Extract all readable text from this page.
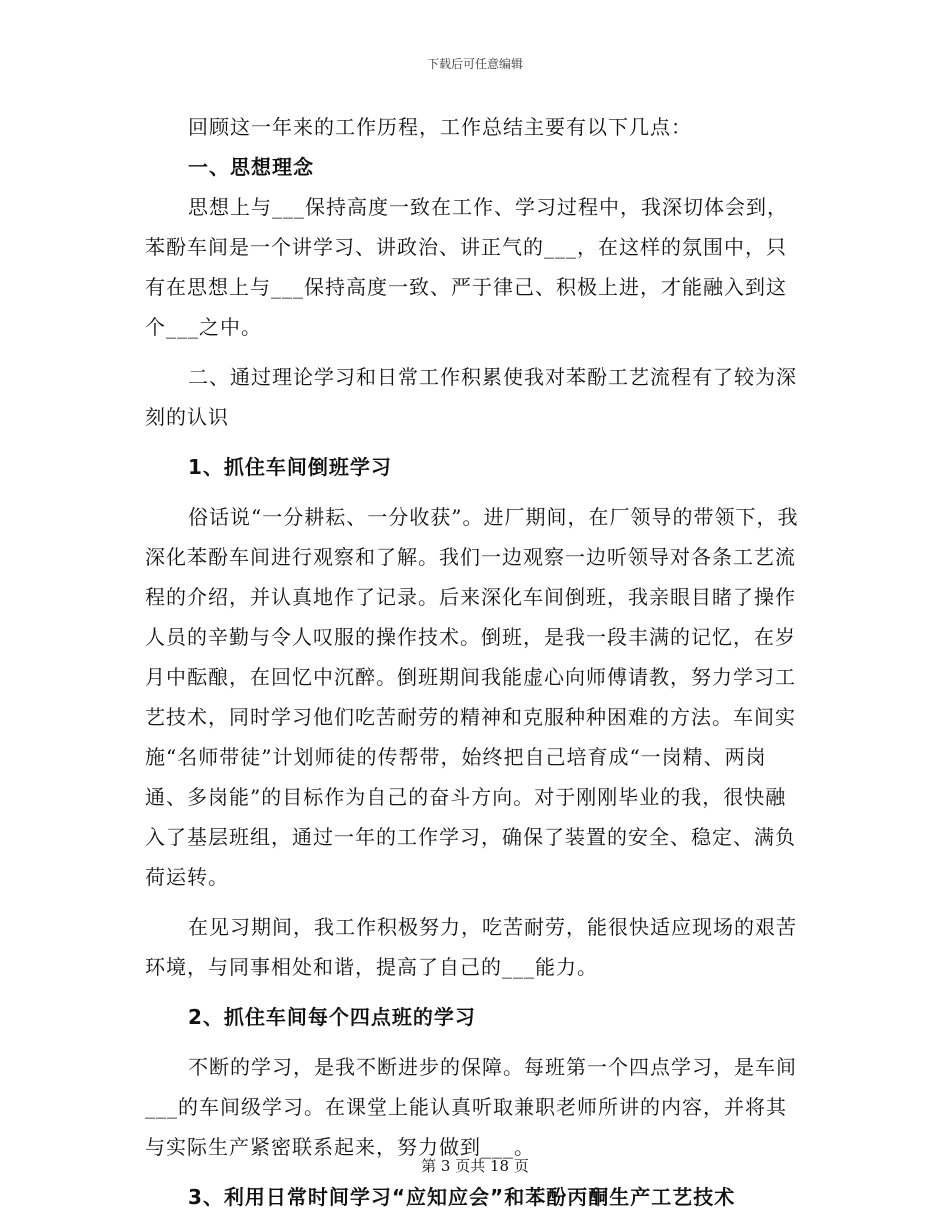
下载后可任意编辑

回顾这一年来的工作历程，工作总结主要有以下几点：

一、思想理念

思想上与___保持高度一致在工作、学习过程中，我深切体会到，苯酚车间是一个讲学习、讲政治、讲正气的___，在这样的氛围中，只有在思想上与___保持高度一致、严于律己、积极上进，才能融入到这个___之中。

二、通过理论学习和日常工作积累使我对苯酚工艺流程有了较为深刻的认识

1、抓住车间倒班学习

俗话说“一分耕耘、一分收获”。进厂期间，在厂领导的带领下，我深化苯酚车间进行观察和了解。我们一边观察一边听领导对各条工艺流程的介绍，并认真地作了记录。后来深化车间倒班，我亲眼目睹了操作人员的辛勤与令人叹服的操作技术。倒班，是我一段丰满的记忆，在岁月中酝酿，在回忆中沉醉。倒班期间我能虚心向师傅请教，努力学习工艺技术，同时学习他们吃苦耐劳的精神和克服种种困难的方法。车间实施“名师带徒”计划师徒的传帮带，始终把自己培育成“一岗精、两岗通、多岗能”的目标作为自己的奋斗方向。对于刚刚毕业的我，很快融入了基层班组，通过一年的工作学习，确保了装置的安全、稳定、满负荷运转。

在见习期间，我工作积极努力，吃苦耐劳，能很快适应现场的艰苦环境，与同事相处和谐，提高了自己的___能力。

2、抓住车间每个四点班的学习

不断的学习，是我不断进步的保障。每班第一个四点学习，是车间___的车间级学习。在课堂上能认真听取兼职老师所讲的内容，并将其与实际生产紧密联系起来，努力做到___。

3、利用日常时间学习“应知应会”和苯酚丙酮生产工艺技术

第 3 页共 18 页
